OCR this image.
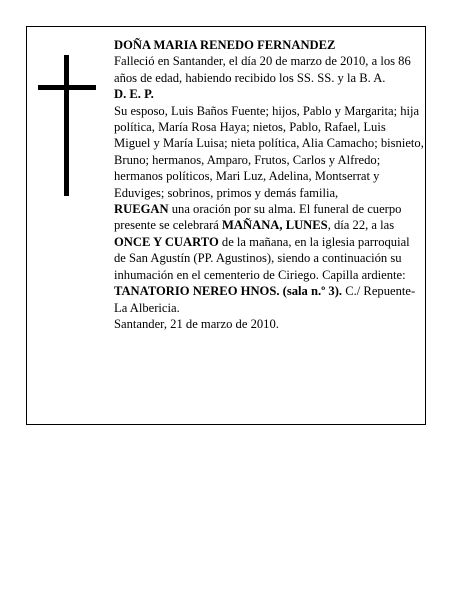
DOÑA MARIA RENEDO FERNANDEZ

Falleció en Santander, el día 20 de marzo de 2010, a los 86 años de edad, habiendo recibido los SS. SS. y la B. A.

D. E. P.

Su esposo, Luis Baños Fuente; hijos, Pablo y Margarita; hija política, María Rosa Haya; nietos, Pablo, Rafael, Luis Miguel y María Luisa; nieta política, Alia Camacho; bisnieto, Bruno; hermanos, Amparo, Frutos, Carlos y Alfredo; hermanos políticos, Mari Luz, Adelina, Montserrat y Eduviges; sobrinos, primos y demás familia,

RUEGAN una oración por su alma. El funeral de cuerpo presente se celebrará MAÑANA, LUNES, día 22, a las ONCE Y CUARTO de la mañana, en la iglesia parroquial de San Agustín (PP. Agustinos), siendo a continuación su inhumación en el cementerio de Ciriego. Capilla ardiente: TANATORIO NEREO HNOS. (sala n.º 3). C./ Repuente-La Albericia.

Santander, 21 de marzo de 2010.
